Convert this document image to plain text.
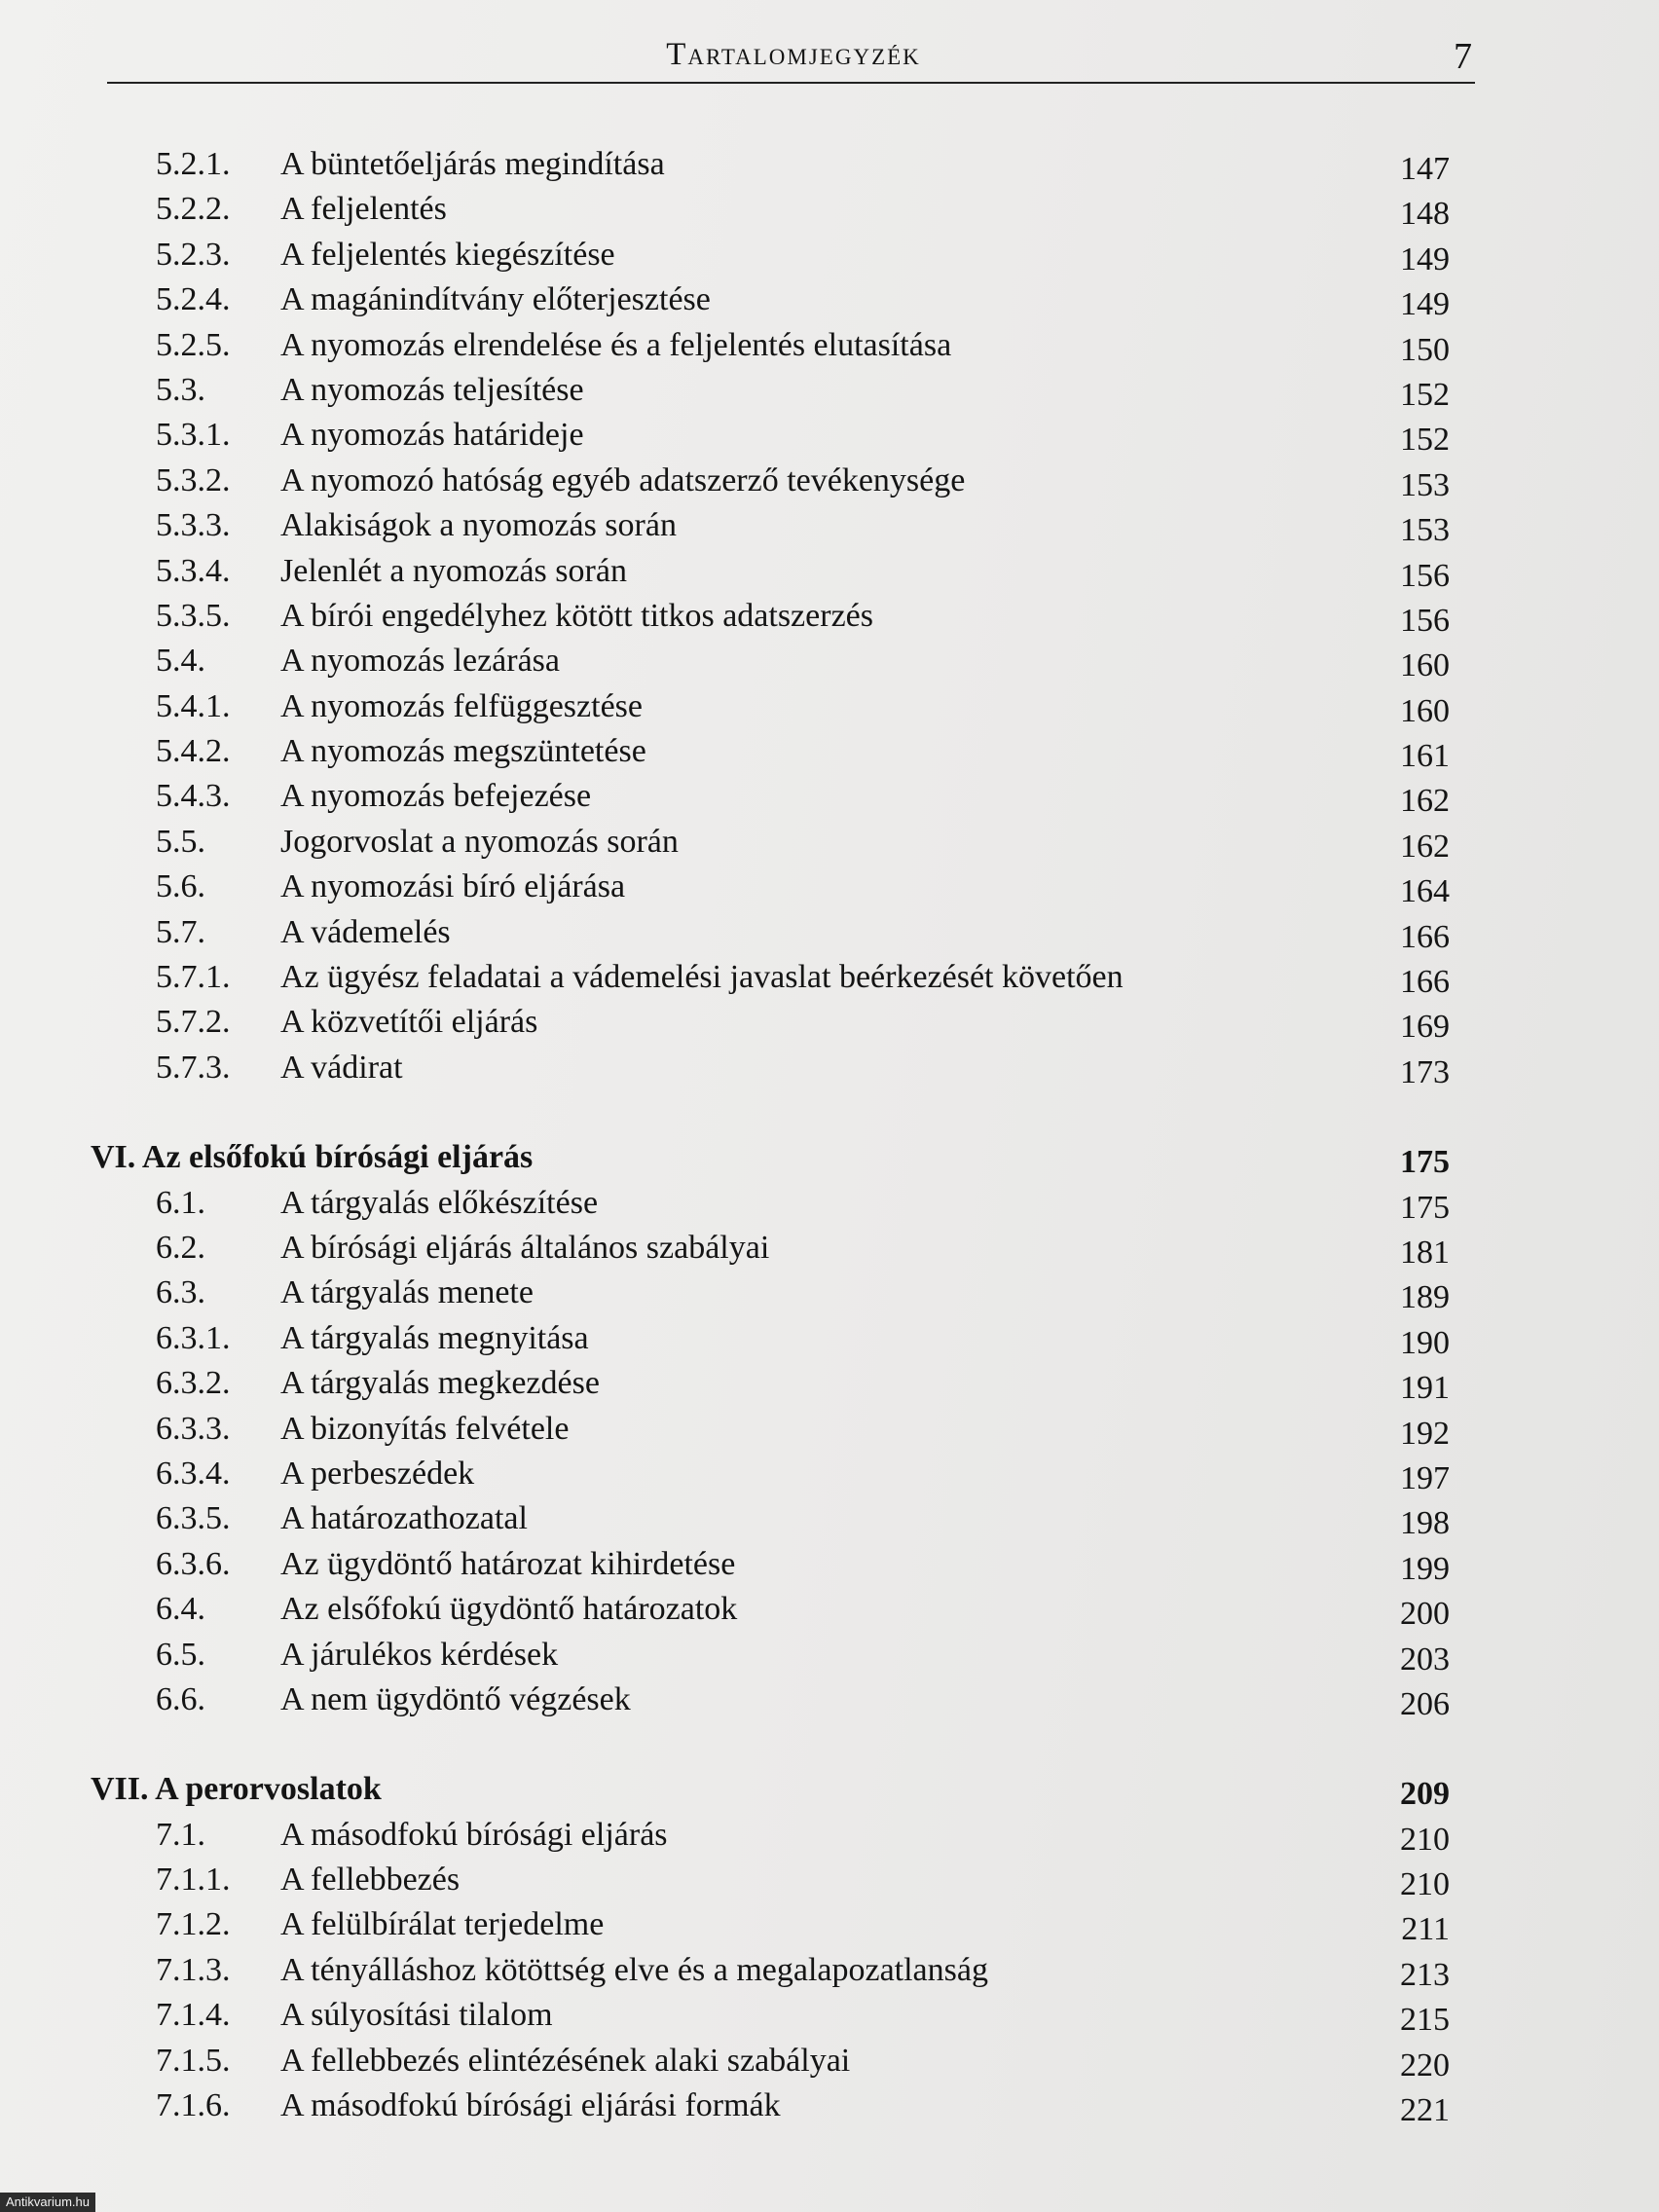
Tartalomjegyzék	7
5.2.1. A büntetőeljárás megindítása	147
5.2.2. A feljelentés	148
5.2.3. A feljelentés kiegészítése	149
5.2.4. A magánindítvány előterjesztése	149
5.2.5. A nyomozás elrendelése és a feljelentés elutasítása	150
5.3. A nyomozás teljesítése	152
5.3.1. A nyomozás határideje	152
5.3.2. A nyomozó hatóság egyéb adatszerző tevékenysége	153
5.3.3. Alakiságok a nyomozás során	153
5.3.4. Jelenlét a nyomozás során	156
5.3.5. A bírói engedélyhez kötött titkos adatszerzés	156
5.4. A nyomozás lezárása	160
5.4.1. A nyomozás felfüggesztése	160
5.4.2. A nyomozás megszüntetése	161
5.4.3. A nyomozás befejezése	162
5.5. Jogorvoslat a nyomozás során	162
5.6. A nyomozási bíró eljárása	164
5.7. A vádemelés	166
5.7.1. Az ügyész feladatai a vádemelési javaslat beérkezését követően	166
5.7.2. A közvetítői eljárás	169
5.7.3. A vádirat	173
VI. Az elsőfokú bírósági eljárás	175
6.1. A tárgyalás előkészítése	175
6.2. A bírósági eljárás általános szabályai	181
6.3. A tárgyalás menete	189
6.3.1. A tárgyalás megnyitása	190
6.3.2. A tárgyalás megkezdése	191
6.3.3. A bizonyítás felvétele	192
6.3.4. A perbeszédek	197
6.3.5. A határozathozatal	198
6.3.6. Az ügydöntő határozat kihirdetése	199
6.4. Az elsőfokú ügydöntő határozatok	200
6.5. A járulékos kérdések	203
6.6. A nem ügydöntő végzések	206
VII. A perorvoslatok	209
7.1. A másodfokú bírósági eljárás	210
7.1.1. A fellebbezés	210
7.1.2. A felülbírálat terjedelme	211
7.1.3. A tényálláshoz kötöttség elve és a megalapozatlanság	213
7.1.4. A súlyosítási tilalom	215
7.1.5. A fellebbezés elintézésének alaki szabályai	220
7.1.6. A másodfokú bírósági eljárási formák	221
Antikvarium.hu
